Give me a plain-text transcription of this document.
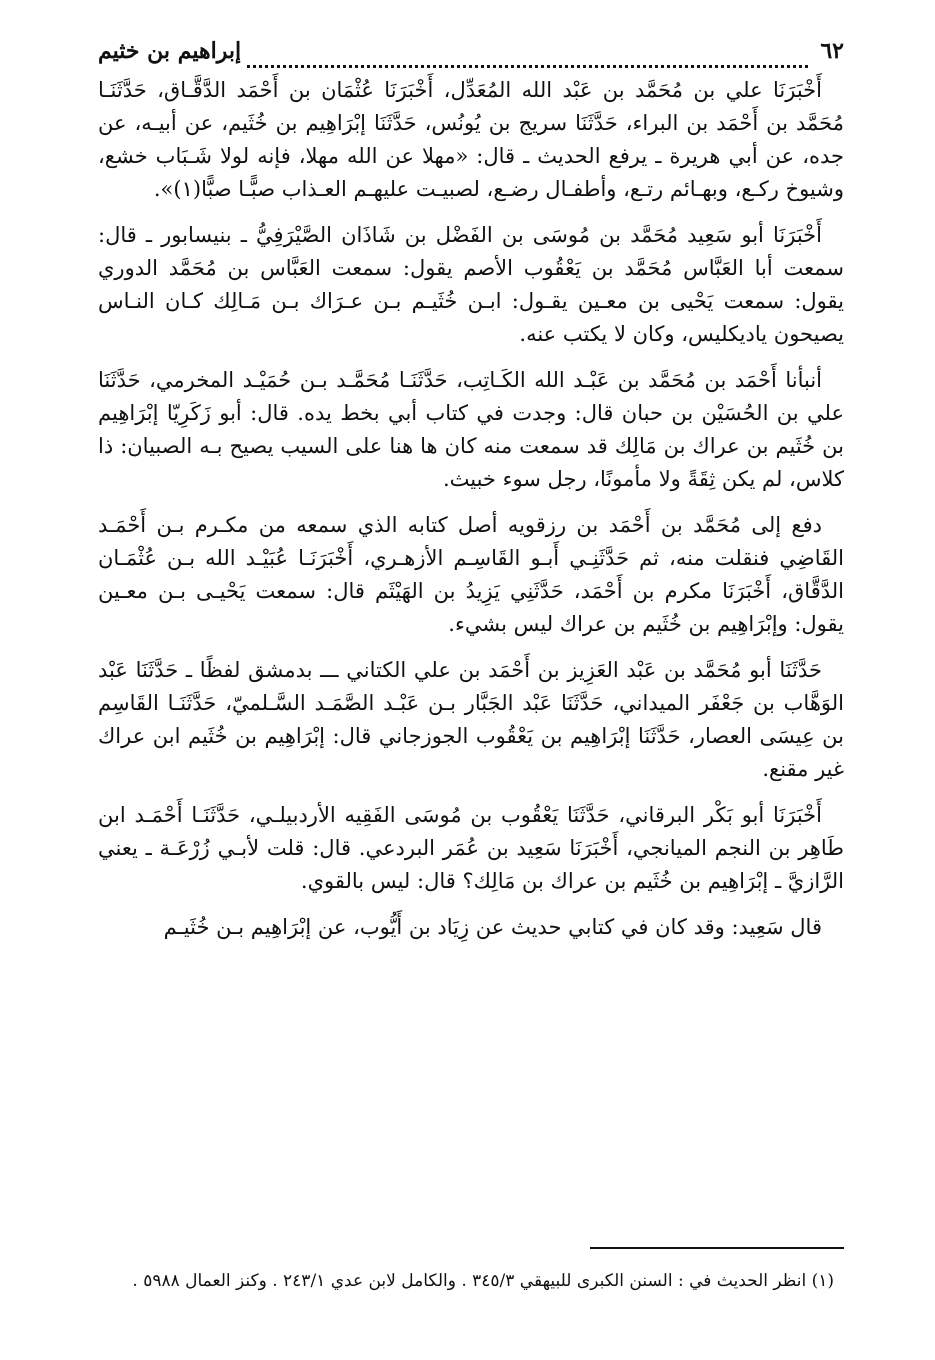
٦٢
إبراهيم بن خثيم

أَخْبَرَنَا علي بن مُحَمَّد بن عَبْد الله المُعَدِّل، أَخْبَرَنَا عُثْمَان بن أَحْمَد الدَّقَّـاق، حَدَّثَنَـا مُحَمَّد بن أَحْمَد بن البراء، حَدَّثَنَا سريج بن يُونُس، حَدَّثَنَا إبْرَاهِيم بن خُثَيم، عن أبيـه، عن جده، عن أبي هريرة ـ يرفع الحديث ـ قال: «مهلا عن الله مهلا، فإنه لولا شَـبَاب خشع، وشيوخ ركـع، وبهـائم رتـع، وأطفـال رضـع، لصبيـت عليهـم العـذاب صبًّـا صبًّا(١)».

أَخْبَرَنَا أبو سَعِيد مُحَمَّد بن مُوسَى بن الفَضْل بن شَاذَان الصَّيْرَفِيُّ ـ بنيسابور ـ قال: سمعت أبا العَبَّاس مُحَمَّد بن يَعْقُوب الأصم يقول: سمعت العَبَّاس بن مُحَمَّد الدوري يقول: سمعت يَحْيى بن معـين يقـول: ابـن خُثَيـم بـن عـرَاك بـن مَـالِك كـان النـاس يصيحون ياديكليس، وكان لا يكتب عنه.

أنبأنا أَحْمَد بن مُحَمَّد بن عَبْـد الله الكَـاتِب، حَدَّثَنَـا مُحَمَّـد بـن حُمَيْـد المخرمي، حَدَّثَنَا علي بن الحُسَيْن بن حبان قال: وجدت في كتاب أبي بخط يده. قال: أبو زَكَرِيّا إبْرَاهِيم بن خُثَيم بن عراك بن مَالِك قد سمعت منه كان ها هنا على السيب يصيح بـه الصبيان: ذا كلاس، لم يكن ثِقَةً ولا مأمونًا، رجل سوء خبيث.

دفع إلى مُحَمَّد بن أَحْمَد بن رزقويه أصل كتابه الذي سمعه من مكـرم بـن أَحْمَـد القَاضِي فنقلت منه، ثم حَدَّثَنِـي أَبـو القَاسِـم الأزهـري، أَخْبَرَنَـا عُبَيْـد الله بـن عُثْمَـان الدَّقَّاق، أَخْبَرَنَا مكرم بن أَحْمَد، حَدَّثَنِي يَزِيدُ بن الهَيْثَم قال: سمعت يَحْيـى بـن معـين يقول: وإبْرَاهِيم بن خُثَيم بن عراك ليس بشيء.

حَدَّثَنَا أبو مُحَمَّد بن عَبْد العَزِيز بن أَحْمَد بن علي الكتاني ـــ بدمشق لفظًا ـ حَدَّثَنَا عَبْد الوَهَّاب بن جَعْفَر الميداني، حَدَّثَنَا عَبْد الجَبَّار بـن عَبْـد الصَّمَـد السَّـلميّ، حَدَّثَنَـا القَاسِم بن عِيسَى العصار، حَدَّثَنَا إبْرَاهِيم بن يَعْقُوب الجوزجاني قال: إبْرَاهِيم بن خُثَيم ابن عراك غير مقنع.

أَخْبَرَنَا أبو بَكْر البرقاني، حَدَّثَنَا يَعْقُوب بن مُوسَى الفَقِيه الأردبيلـي، حَدَّثَنَـا أَحْمَـد ابن طَاهِر بن النجم الميانجي، أَخْبَرَنَا سَعِيد بن عُمَر البردعي. قال: قلت لأبـي زُرْعَـة ـ يعني الرَّازيَّ ـ إبْرَاهِيم بن خُثَيم بن عراك بن مَالِك؟ قال: ليس بالقوي.

قال سَعِيد: وقد كان في كتابي حديث عن زِيَاد بن أَيُّوب، عن إبْرَاهِيم بـن خُثَيـم

(١) انظر الحديث في : السنن الكبرى للبيهقي ٣٤٥/٣ . والكامل لابن عدي ٢٤٣/١ . وكنز العمال ٥٩٨٨ .
